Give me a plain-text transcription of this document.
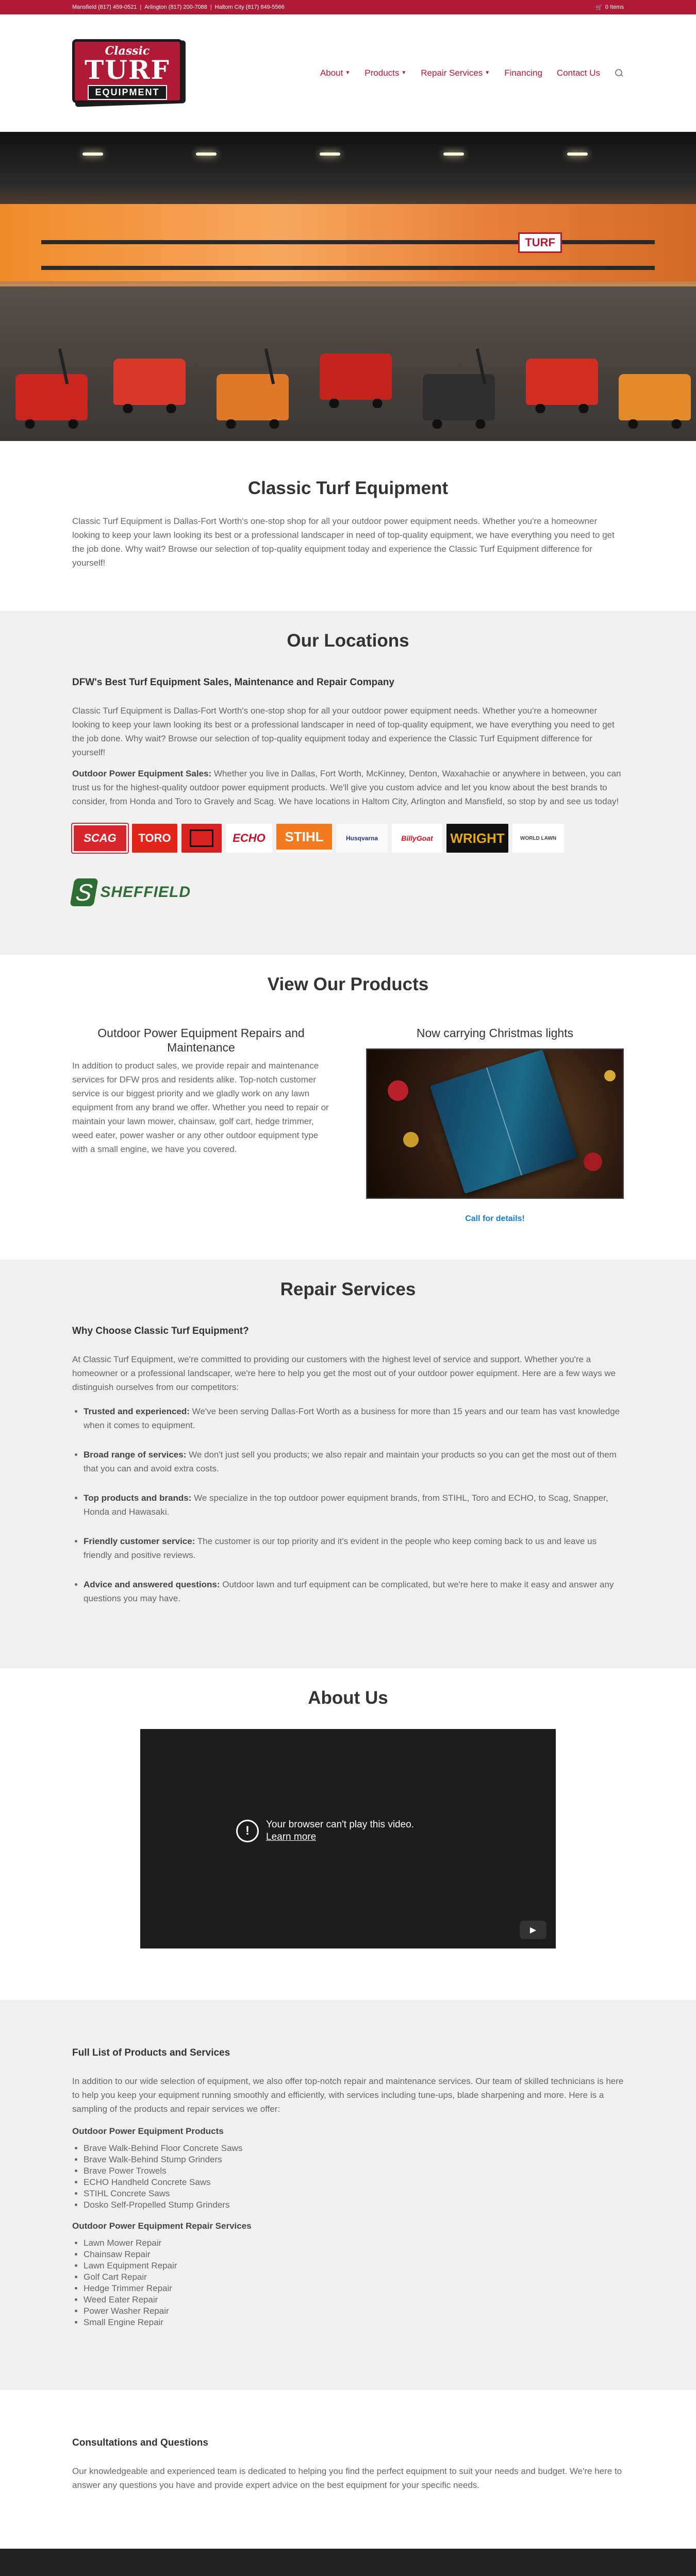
Mansfield (817) 459-0521 | Arlington (817) 200-7088 | Haltom City (817) 849-5566	🛒 0 Items
Classic
TURF
EQUIPMENT
About ▼ Products ▼ Repair Services ▼ Financing Contact Us
TURF
Classic Turf Equipment

Classic Turf Equipment is Dallas-Fort Worth's one-stop shop for all your outdoor power equipment needs. Whether you're a homeowner looking to keep your lawn looking its best or a professional landscaper in need of top-quality equipment, we have everything you need to get the job done. Why wait? Browse our selection of top-quality equipment today and experience the Classic Turf Equipment difference for yourself!

Our Locations
DFW's Best Turf Equipment Sales, Maintenance and Repair Company

Classic Turf Equipment is Dallas-Fort Worth's one-stop shop for all your outdoor power equipment needs. Whether you're a homeowner looking to keep your lawn looking its best or a professional landscaper in need of top-quality equipment, we have everything you need to get the job done. Why wait? Browse our selection of top-quality equipment today and experience the Classic Turf Equipment difference for yourself!

Outdoor Power Equipment Sales: Whether you live in Dallas, Fort Worth, McKinney, Denton, Waxahachie or anywhere in between, you can trust us for the highest-quality outdoor power equipment products. We'll give you custom advice and let you know about the best brands to consider, from Honda and Toro to Gravely and Scag. We have locations in Haltom City, Arlington and Mansfield, so stop by and see us today!

SCAG	TORO	ECHO	STIHL	Husqvarna	BillyGoat	WRIGHT	WORLD LAWN
S SHEFFIELD
View Our Products
Outdoor Power Equipment Repairs and Maintenance

In addition to product sales, we provide repair and maintenance services for DFW pros and residents alike. Top-notch customer service is our biggest priority and we gladly work on any lawn equipment from any brand we offer. Whether you need to repair or maintain your lawn mower, chainsaw, golf cart, hedge trimmer, weed eater, power washer or any other outdoor equipment type with a small engine, we have you covered.

Now carrying Christmas lights
Call for details!
Repair Services
Why Choose Classic Turf Equipment?

At Classic Turf Equipment, we're committed to providing our customers with the highest level of service and support. Whether you're a homeowner or a professional landscaper, we're here to help you get the most out of your outdoor power equipment. Here are a few ways we distinguish ourselves from our competitors:

• Trusted and experienced: We've been serving Dallas-Fort Worth as a business for more than 15 years and our team has vast knowledge when it comes to equipment.
• Broad range of services: We don't just sell you products; we also repair and maintain your products so you can get the most out of them that you can and avoid extra costs.
• Top products and brands: We specialize in the top outdoor power equipment brands, from STIHL, Toro and ECHO, to Scag, Snapper, Honda and Hawasaki.
• Friendly customer service: The customer is our top priority and it's evident in the people who keep coming back to us and leave us friendly and positive reviews.
• Advice and answered questions: Outdoor lawn and turf equipment can be complicated, but we're here to make it easy and answer any questions you may have.
About Us
!	Your browser can't play this video.
Learn more
▶
Full List of Products and Services

In addition to our wide selection of equipment, we also offer top-notch repair and maintenance services. Our team of skilled technicians is here to help you keep your equipment running smoothly and efficiently, with services including tune-ups, blade sharpening and more. Here is a sampling of the products and repair services we offer:

Outdoor Power Equipment Products
• Brave Walk-Behind Floor Concrete Saws
• Brave Walk-Behind Stump Grinders
• Brave Power Trowels
• ECHO Handheld Concrete Saws
• STIHL Concrete Saws
• Dosko Self-Propelled Stump Grinders
Outdoor Power Equipment Repair Services
• Lawn Mower Repair
• Chainsaw Repair
• Lawn Equipment Repair
• Golf Cart Repair
• Hedge Trimmer Repair
• Weed Eater Repair
• Power Washer Repair
• Small Engine Repair
Consultations and Questions

Our knowledgeable and experienced team is dedicated to helping you find the perfect equipment to suit your needs and budget. We're here to answer any questions you have and provide expert advice on the best equipment for your specific needs.
